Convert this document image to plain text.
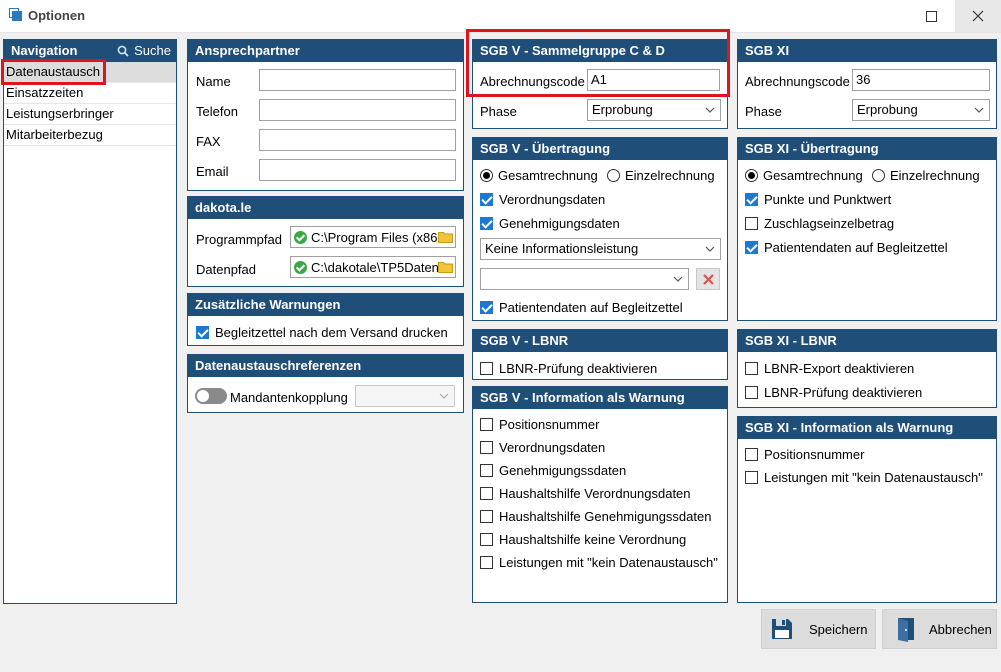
Optionen
Navigation	Suche
Datenaustausch
Einsatzzeiten
Leistungserbringer
Mitarbeiterbezug
Ansprechpartner
Name
Telefon
FAX
Email
dakota.le
Programmpfad C:\Program Files (x86
Datenpfad	C:\dakotale\TP5Daten
Zusätzliche Warnungen
Begleitzettel nach dem Versand drucken
Datenaustauschreferenzen
Mandantenkopplung
SGB V - Sammelgruppe C & D
Abrechnungscode A1
Phase	Erprobung
SGB V - Übertragung
Gesamtrechnung Einzelrechnung
Verordnungsdaten
Genehmigungsdaten
Keine Informationsleistung
Patientendaten auf Begleitzettel
SGB V - LBNR
LBNR-Prüfung deaktivieren
SGB V - Information als Warnung
Positionsnummer
Verordnungsdaten
Genehmigungssdaten
Haushaltshilfe Verordnungsdaten
Haushaltshilfe Genehmigungssdaten
Haushaltshilfe keine Verordnung
Leistungen mit "kein Datenaustausch"
SGB XI
Abrechnungscode 36
Phase	Erprobung
SGB XI - Übertragung
Gesamtrechnung Einzelrechnung
Punkte und Punktwert
Zuschlagseinzelbetrag
Patientendaten auf Begleitzettel
SGB XI - LBNR
LBNR-Export deaktivieren
LBNR-Prüfung deaktivieren
SGB XI - Information als Warnung
Positionsnummer
Leistungen mit "kein Datenaustausch"
Speichern	Abbrechen
